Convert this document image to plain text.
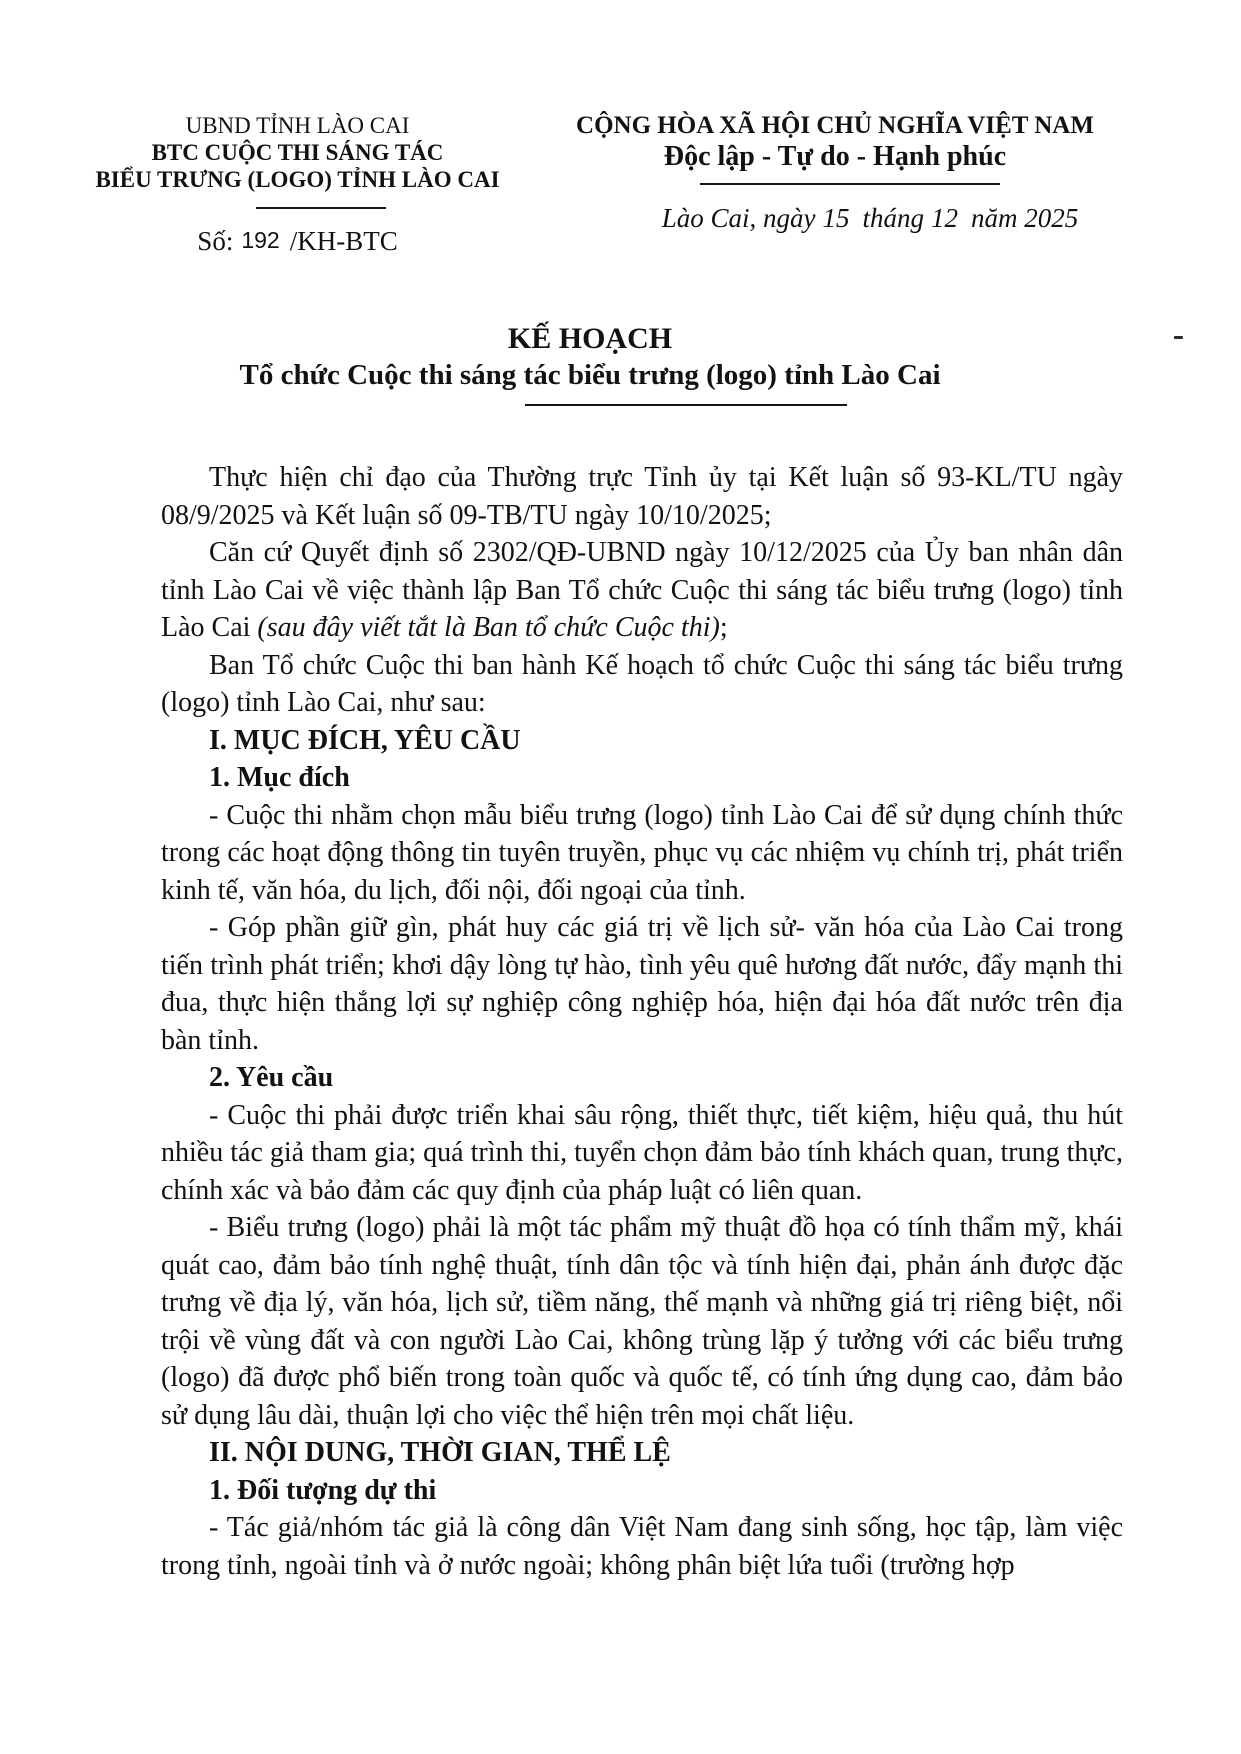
UBND TỈNH LÀO CAI
BTC CUỘC THI SÁNG TÁC
BIỂU TRƯNG (LOGO) TỈNH LÀO CAI
Số: 192 /KH-BTC
CỘNG HÒA XÃ HỘI CHỦ NGHĨA VIỆT NAM
Độc lập - Tự do - Hạnh phúc
Lào Cai, ngày 15 tháng 12 năm 2025
KẾ HOẠCH
Tổ chức Cuộc thi sáng tác biểu trưng (logo) tỉnh Lào Cai

Thực hiện chỉ đạo của Thường trực Tỉnh ủy tại Kết luận số 93-KL/TU ngày 08/9/2025 và Kết luận số 09-TB/TU ngày 10/10/2025;

Căn cứ Quyết định số 2302/QĐ-UBND ngày 10/12/2025 của Ủy ban nhân dân tỉnh Lào Cai về việc thành lập Ban Tổ chức Cuộc thi sáng tác biểu trưng (logo) tỉnh Lào Cai (sau đây viết tắt là Ban tổ chức Cuộc thi);

Ban Tổ chức Cuộc thi ban hành Kế hoạch tổ chức Cuộc thi sáng tác biểu trưng (logo) tỉnh Lào Cai, như sau:

I. MỤC ĐÍCH, YÊU CẦU

1. Mục đích

- Cuộc thi nhằm chọn mẫu biểu trưng (logo) tỉnh Lào Cai để sử dụng chính thức trong các hoạt động thông tin tuyên truyền, phục vụ các nhiệm vụ chính trị, phát triển kinh tế, văn hóa, du lịch, đối nội, đối ngoại của tỉnh.

- Góp phần giữ gìn, phát huy các giá trị về lịch sử- văn hóa của Lào Cai trong tiến trình phát triển; khơi dậy lòng tự hào, tình yêu quê hương đất nước, đẩy mạnh thi đua, thực hiện thắng lợi sự nghiệp công nghiệp hóa, hiện đại hóa đất nước trên địa bàn tỉnh.

2. Yêu cầu

- Cuộc thi phải được triển khai sâu rộng, thiết thực, tiết kiệm, hiệu quả, thu hút nhiều tác giả tham gia; quá trình thi, tuyển chọn đảm bảo tính khách quan, trung thực, chính xác và bảo đảm các quy định của pháp luật có liên quan.

- Biểu trưng (logo) phải là một tác phẩm mỹ thuật đồ họa có tính thẩm mỹ, khái quát cao, đảm bảo tính nghệ thuật, tính dân tộc và tính hiện đại, phản ánh được đặc trưng về địa lý, văn hóa, lịch sử, tiềm năng, thế mạnh và những giá trị riêng biệt, nổi trội về vùng đất và con người Lào Cai, không trùng lặp ý tưởng với các biểu trưng (logo) đã được phổ biến trong toàn quốc và quốc tế, có tính ứng dụng cao, đảm bảo sử dụng lâu dài, thuận lợi cho việc thể hiện trên mọi chất liệu.

II. NỘI DUNG, THỜI GIAN, THỂ LỆ

1. Đối tượng dự thi

- Tác giả/nhóm tác giả là công dân Việt Nam đang sinh sống, học tập, làm việc trong tỉnh, ngoài tỉnh và ở nước ngoài; không phân biệt lứa tuổi (trường hợp
